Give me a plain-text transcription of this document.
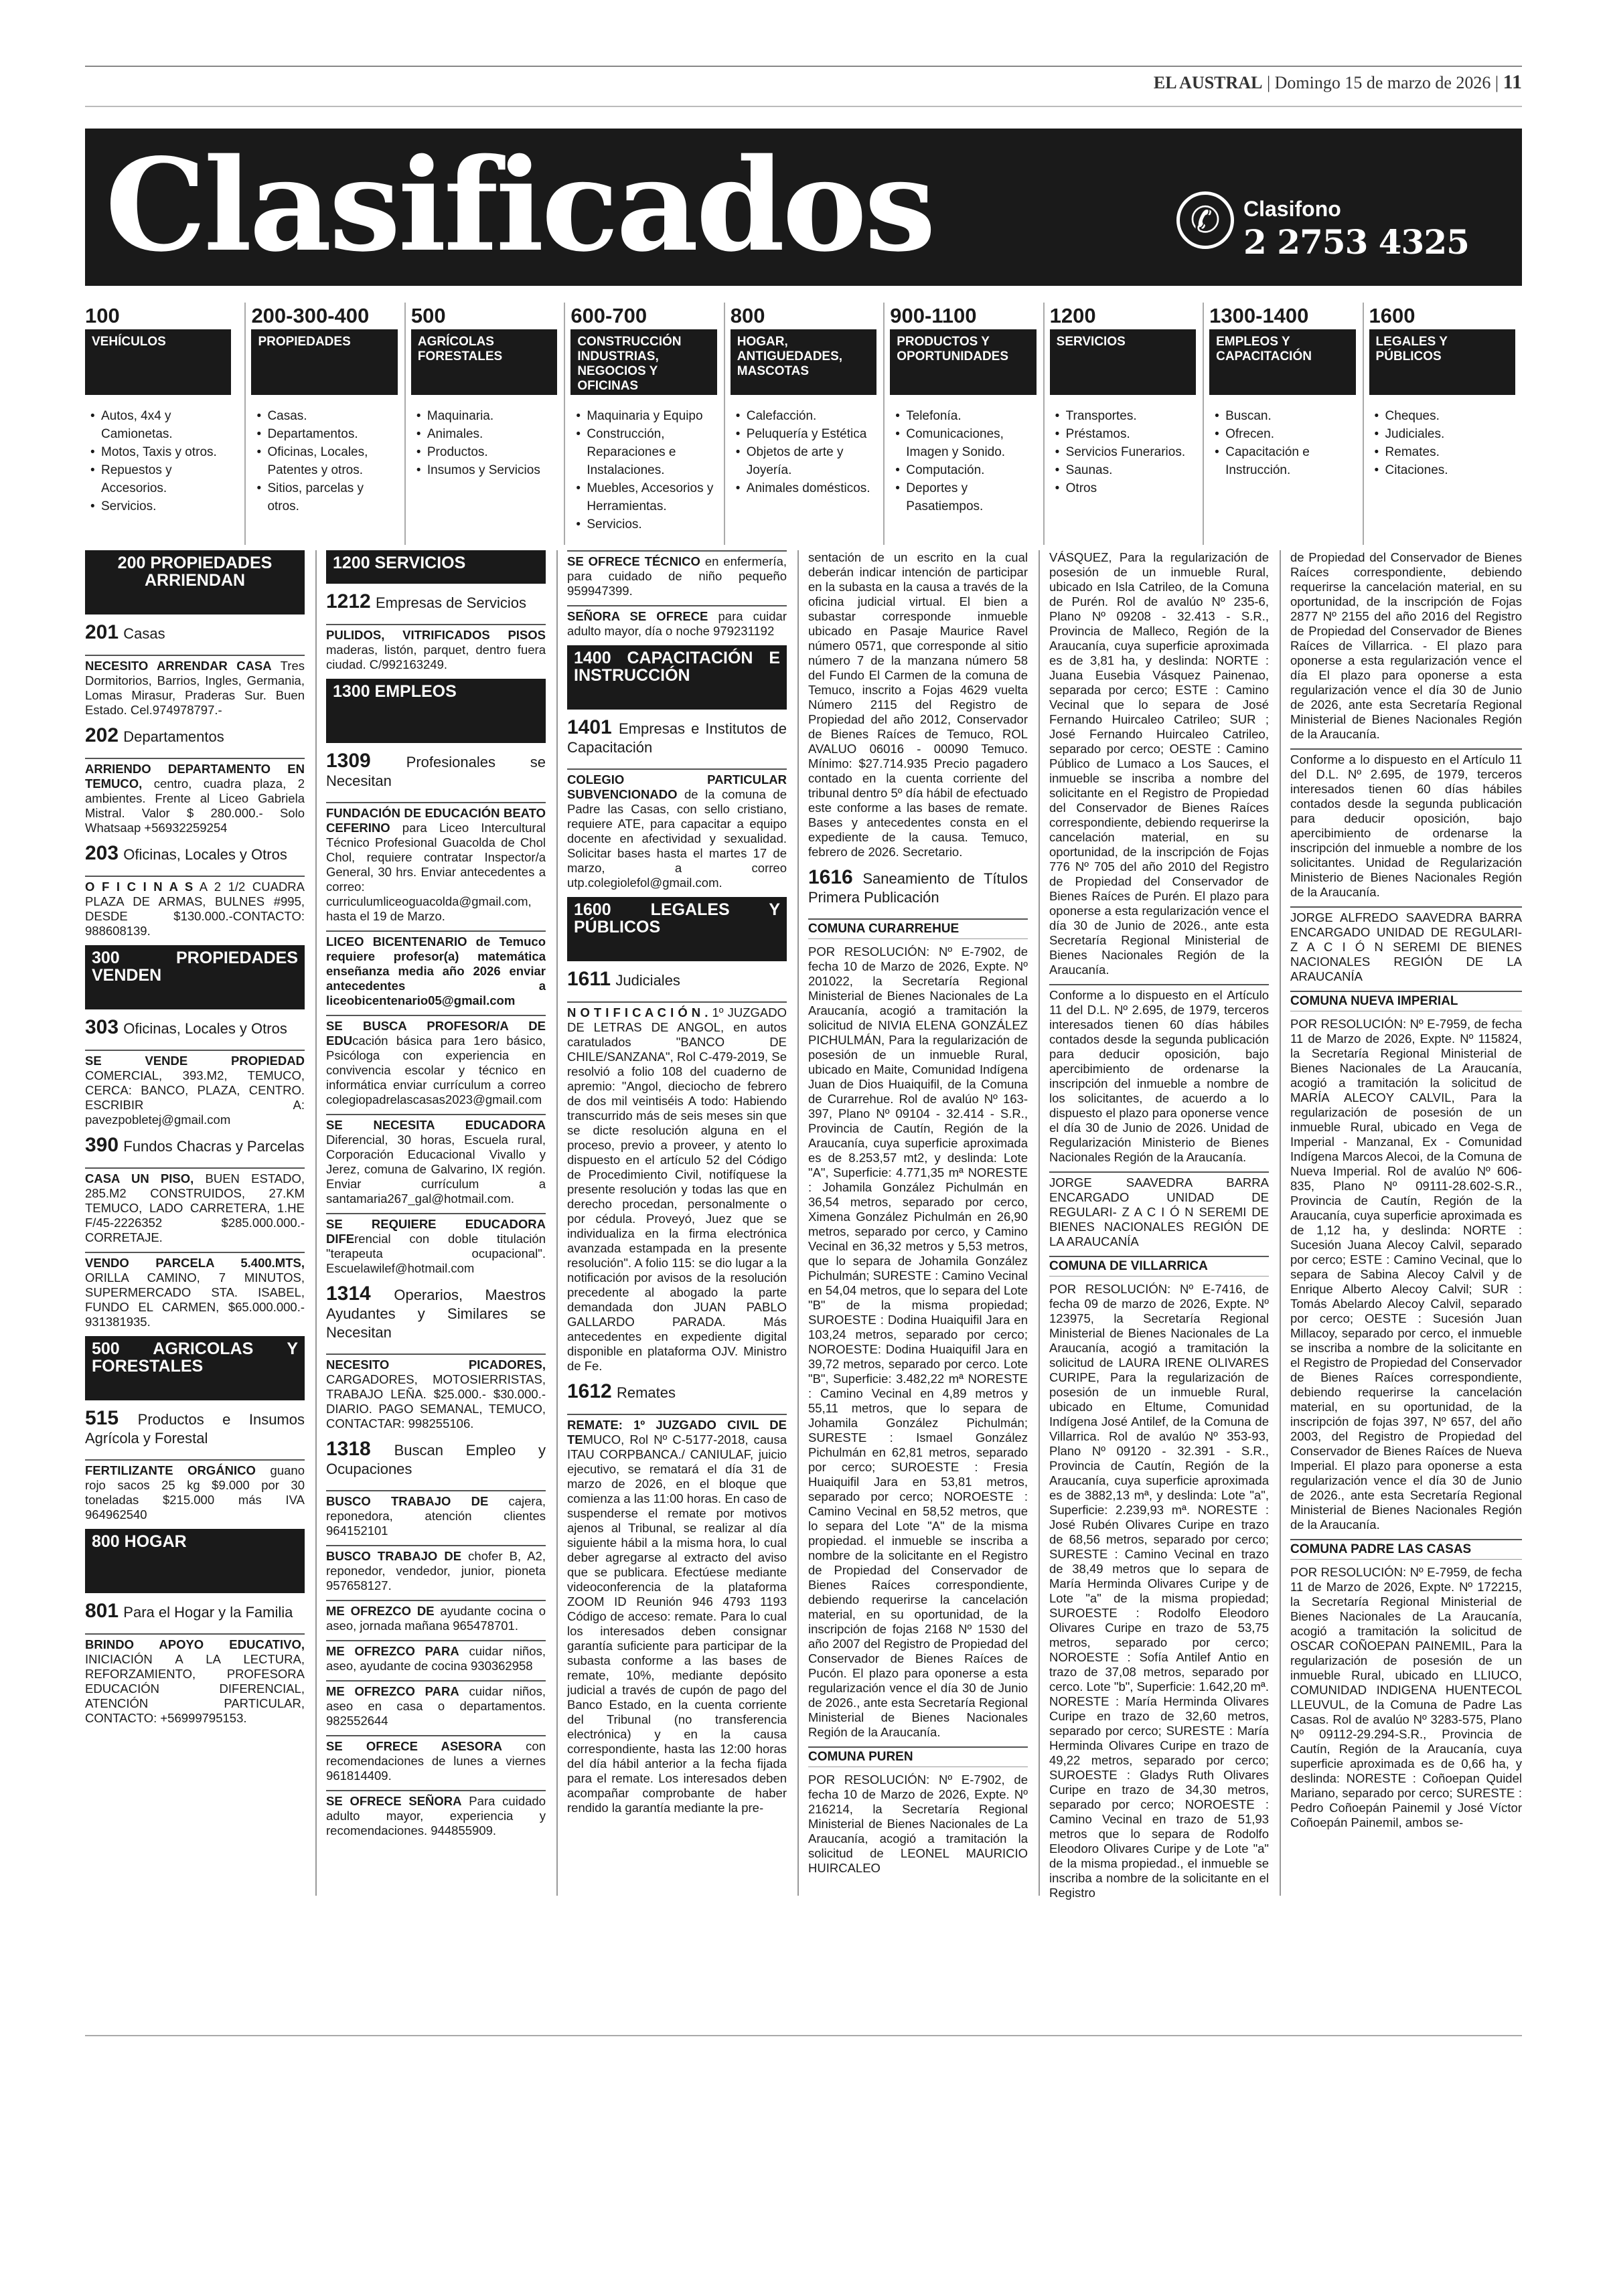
EL AUSTRAL | Domingo 15 de marzo de 2026 | 11
Clasificados	✆	Clasifono
2 2753 4325
100
VEHÍCULOS
• Autos, 4x4 y Camionetas.
• Motos, Taxis y otros.
• Repuestos y Accesorios.
• Servicios.
200-300-400
PROPIEDADES
• Casas.
• Departamentos.
• Oficinas, Locales, Patentes y otros.
• Sitios, parcelas y otros.
500
AGRÍCOLAS FORESTALES
• Maquinaria.
• Animales.
• Productos.
• Insumos y Servicios
600-700
CONSTRUCCIÓN INDUSTRIAS, NEGOCIOS Y OFICINAS
• Maquinaria y Equipo
• Construcción, Reparaciones e Instalaciones.
• Muebles, Accesorios y Herramientas.
• Servicios.
800
HOGAR, ANTIGUEDADES, MASCOTAS
• Calefacción.
• Peluquería y Estética
• Objetos de arte y Joyería.
• Animales domésticos.
900-1100
PRODUCTOS Y OPORTUNIDADES
• Telefonía.
• Comunicaciones, Imagen y Sonido.
• Computación.
• Deportes y Pasatiempos.
1200
SERVICIOS
• Transportes.
• Préstamos.
• Servicios Funerarios.
• Saunas.
• Otros
1300-1400
EMPLEOS Y CAPACITACIÓN
• Buscan.
• Ofrecen.
• Capacitación e Instrucción.
1600
LEGALES Y PÚBLICOS
• Cheques.
• Judiciales.
• Remates.
• Citaciones.
200 PROPIEDADES ARRIENDAN
201 Casas

NECESITO ARRENDAR CASA Tres Dormitorios, Barrios, Ingles, Germania, Lomas Mirasur, Praderas Sur. Buen Estado. Cel.974978797.-

202 Departamentos

ARRIENDO DEPARTAMENTO EN TEMUCO, centro, cuadra plaza, 2 ambientes. Frente al Liceo Gabriela Mistral. Valor $ 280.000.- Solo Whatsaap +56932259254

203 Oficinas, Locales y Otros

O F I C I N A S A 2 1/2 CUADRA PLAZA DE ARMAS, BULNES #995, DESDE $130.000.-CONTACTO: 988608139.

300 PROPIEDADES VENDEN
303 Oficinas, Locales y Otros

SE VENDE PROPIEDAD COMERCIAL, 393.M2, TEMUCO, CERCA: BANCO, PLAZA, CENTRO. ESCRIBIR A: pavezpobletej@gmail.com

390 Fundos Chacras y Parcelas

CASA UN PISO, BUEN ESTADO, 285.M2 CONSTRUIDOS, 27.KM TEMUCO, LADO CARRETERA, 1.HE F/45-2226352 $285.000.000.- CORRETAJE.

VENDO PARCELA 5.400.MTS, ORILLA CAMINO, 7 MINUTOS, SUPERMERCADO STA. ISABEL, FUNDO EL CARMEN, $65.000.000.- 931381935.

500 AGRICOLAS Y FORESTALES
515 Productos e Insumos Agrícola y Forestal

FERTILIZANTE ORGÁNICO guano rojo sacos 25 kg $9.000 por 30 toneladas $215.000 más IVA 964962540

800 HOGAR
801 Para el Hogar y la Familia

BRINDO APOYO EDUCATIVO, INICIACIÓN A LA LECTURA, REFORZAMIENTO, PROFESORA EDUCACIÓN DIFERENCIAL, ATENCIÓN PARTICULAR, CONTACTO: +56999795153.

1200 SERVICIOS
1212 Empresas de Servicios

PULIDOS, VITRIFICADOS PISOS maderas, listón, parquet, dentro fuera ciudad. C/992163249.

1300 EMPLEOS
1309 Profesionales se Necesitan

FUNDACIÓN DE EDUCACIÓN BEATO CEFERINO para Liceo Intercultural Técnico Profesional Guacolda de Chol Chol, requiere contratar Inspector/a General, 30 hrs. Enviar antecedentes a correo: curriculumliceoguacolda@gmail.com, hasta el 19 de Marzo.

LICEO BICENTENARIO de Temuco requiere profesor(a) matemática enseñanza media año 2026 enviar antecedentes a liceobicentenario05@gmail.com

SE BUSCA PROFESOR/A DE EDUcación básica para 1ero básico, Psicóloga con experiencia en convivencia escolar y técnico en informática enviar currículum a correo colegiopadrelascasas2023@gmail.com

SE NECESITA EDUCADORA Diferencial, 30 horas, Escuela rural, Corporación Educacional Vivallo y Jerez, comuna de Galvarino, IX región. Enviar currículum a santamaria267_gal@hotmail.com.

SE REQUIERE EDUCADORA DIFErencial con doble titulación "terapeuta ocupacional". Escuelawilef@hotmail.com

1314 Operarios, Maestros Ayudantes y Similares se Necesitan

NECESITO PICADORES, CARGADORES, MOTOSIERRISTAS, TRABAJO LEÑA. $25.000.- $30.000.- DIARIO. PAGO SEMANAL, TEMUCO, CONTACTAR: 998255106.

1318 Buscan Empleo y Ocupaciones

BUSCO TRABAJO DE cajera, reponedora, atención clientes 964152101

BUSCO TRABAJO DE chofer B, A2, reponedor, vendedor, junior, pioneta 957658127.

ME OFREZCO DE ayudante cocina o aseo, jornada mañana 965478701.

ME OFREZCO PARA cuidar niños, aseo, ayudante de cocina 930362958

ME OFREZCO PARA cuidar niños, aseo en casa o departamentos. 982552644

SE OFRECE ASESORA con recomendaciones de lunes a viernes 961814409.

SE OFRECE SEÑORA Para cuidado adulto mayor, experiencia y recomendaciones. 944855909.

SE OFRECE TÉCNICO en enfermería, para cuidado de niño pequeño 959947399.

SEÑORA SE OFRECE para cuidar adulto mayor, día o noche 979231192

1400 CAPACITACIÓN E INSTRUCCIÓN
1401 Empresas e Institutos de Capacitación

COLEGIO PARTICULAR SUBVENCIONADO de la comuna de Padre las Casas, con sello cristiano, requiere ATE, para capacitar a equipo docente en afectividad y sexualidad. Solicitar bases hasta el martes 17 de marzo, a correo utp.colegiolefol@gmail.com.

1600 LEGALES Y PÚBLICOS
1611 Judiciales

N O T I F I C A C I Ó N . 1º JUZGADO DE LETRAS DE ANGOL, en autos caratulados "BANCO DE CHILE/SANZANA", Rol C-479-2019, Se resolvió a folio 108 del cuaderno de apremio: "Angol, dieciocho de febrero de dos mil veintiséis A todo: Habiendo transcurrido más de seis meses sin que se dicte resolución alguna en el proceso, previo a proveer, y atento lo dispuesto en el artículo 52 del Código de Procedimiento Civil, notifíquese la presente resolución y todas las que en derecho procedan, personalmente o por cédula. Proveyó, Juez que se individualiza en la firma electrónica avanzada estampada en la presente resolución". A folio 115: se dio lugar a la notificación por avisos de la resolución precedente al abogado la parte demandada don JUAN PABLO GALLARDO PARADA. Más antecedentes en expediente digital disponible en plataforma OJV. Ministro de Fe.

1612 Remates

REMATE: 1º JUZGADO CIVIL DE TEMUCO, Rol Nº C-5177-2018, causa ITAU CORPBANCA./ CANIULAF, juicio ejecutivo, se rematará el día 31 de marzo de 2026, en el bloque que comienza a las 11:00 horas. En caso de suspenderse el remate por motivos ajenos al Tribunal, se realizar al día siguiente hábil a la misma hora, lo cual deber agregarse al extracto del aviso que se publicara. Efectúese mediante videoconferencia de la plataforma ZOOM ID Reunión 946 4793 1193 Código de acceso: remate. Para lo cual los interesados deben consignar garantía suficiente para participar de la subasta conforme a las bases de remate, 10%, mediante depósito judicial a través de cupón de pago del Banco Estado, en la cuenta corriente del Tribunal (no transferencia electrónica) y en la causa correspondiente, hasta las 12:00 horas del día hábil anterior a la fecha fijada para el remate. Los interesados deben acompañar comprobante de haber rendido la garantía mediante la pre-

sentación de un escrito en la cual deberán indicar intención de participar en la subasta en la causa a través de la oficina judicial virtual. El bien a subastar corresponde inmueble ubicado en Pasaje Maurice Ravel número 0571, que corresponde al sitio número 7 de la manzana número 58 del Fundo El Carmen de la comuna de Temuco, inscrito a Fojas 4629 vuelta Número 2115 del Registro de Propiedad del año 2012, Conservador de Bienes Raíces de Temuco, ROL AVALUO 06016 - 00090 Temuco. Mínimo: $27.714.935 Precio pagadero contado en la cuenta corriente del tribunal dentro 5º día hábil de efectuado este conforme a las bases de remate. Bases y antecedentes consta en el expediente de la causa. Temuco, febrero de 2026. Secretario.

1616 Saneamiento de Títulos Primera Publicación
COMUNA CURARREHUE

POR RESOLUCIÓN: Nº E-7902, de fecha 10 de Marzo de 2026, Expte. Nº 201022, la Secretaría Regional Ministerial de Bienes Nacionales de La Araucanía, acogió a tramitación la solicitud de NIVIA ELENA GONZÁLEZ PICHULMÁN, Para la regularización de posesión de un inmueble Rural, ubicado en Maite, Comunidad Indígena Juan de Dios Huaiquifil, de la Comuna de Curarrehue. Rol de avalúo Nº 163-397, Plano Nº 09104 - 32.414 - S.R., Provincia de Cautín, Región de la Araucanía, cuya superficie aproximada es de 8.253,57 mt2, y deslinda: Lote "A", Superficie: 4.771,35 mª NORESTE : Johamila González Pichulmán en 36,54 metros, separado por cerco, Ximena González Pichulmán en 26,90 metros, separado por cerco, y Camino Vecinal en 36,32 metros y 5,53 metros, que lo separa de Johamila González Pichulmán; SURESTE : Camino Vecinal en 54,04 metros, que lo separa del Lote "B" de la misma propiedad; SUROESTE : Dodina Huaiquifil Jara en 103,24 metros, separado por cerco; NOROESTE: Dodina Huaiquifil Jara en 39,72 metros, separado por cerco. Lote "B", Superficie: 3.482,22 mª NORESTE : Camino Vecinal en 4,89 metros y 55,11 metros, que lo separa de Johamila González Pichulmán; SURESTE : Ismael González Pichulmán en 62,81 metros, separado por cerco; SUROESTE : Fresia Huaiquifil Jara en 53,81 metros, separado por cerco; NOROESTE : Camino Vecinal en 58,52 metros, que lo separa del Lote "A" de la misma propiedad. el inmueble se inscriba a nombre de la solicitante en el Registro de Propiedad del Conservador de Bienes Raíces correspondiente, debiendo requerirse la cancelación material, en su oportunidad, de la inscripción de fojas 2168 Nº 1530 del año 2007 del Registro de Propiedad del Conservador de Bienes Raíces de Pucón. El plazo para oponerse a esta regularización vence el día 30 de Junio de 2026., ante esta Secretaría Regional Ministerial de Bienes Nacionales Región de la Araucanía.

COMUNA PUREN

POR RESOLUCIÓN: Nº E-7902, de fecha 10 de Marzo de 2026, Expte. Nº 216214, la Secretaría Regional Ministerial de Bienes Nacionales de La Araucanía, acogió a tramitación la solicitud de LEONEL MAURICIO HUIRCALEO

VÁSQUEZ, Para la regularización de posesión de un inmueble Rural, ubicado en Isla Catrileo, de la Comuna de Purén. Rol de avalúo Nº 235-6, Plano Nº 09208 - 32.413 - S.R., Provincia de Malleco, Región de la Araucanía, cuya superficie aproximada es de 3,81 ha, y deslinda: NORTE : Juana Eusebia Vásquez Painenao, separada por cerco; ESTE : Camino Vecinal que lo separa de José Fernando Huircaleo Catrileo; SUR ; José Fernando Huircaleo Catrileo, separado por cerco; OESTE : Camino Público de Lumaco a Los Sauces, el inmueble se inscriba a nombre del solicitante en el Registro de Propiedad del Conservador de Bienes Raíces correspondiente, debiendo requerirse la cancelación material, en su oportunidad, de la inscripción de Fojas 776 Nº 705 del año 2010 del Registro de Propiedad del Conservador de Bienes Raíces de Purén. El plazo para oponerse a esta regularización vence el día 30 de Junio de 2026., ante esta Secretaría Regional Ministerial de Bienes Nacionales Región de la Araucanía.

Conforme a lo dispuesto en el Artículo 11 del D.L. Nº 2.695, de 1979, terceros interesados tienen 60 días hábiles contados desde la segunda publicación para deducir oposición, bajo apercibimiento de ordenarse la inscripción del inmueble a nombre de los solicitantes, de acuerdo a lo dispuesto el plazo para oponerse vence el día 30 de Junio de 2026. Unidad de Regularización Ministerio de Bienes Nacionales Región de la Araucanía.

JORGE SAAVEDRA BARRA ENCARGADO UNIDAD DE REGULARI- Z A C I Ó N SEREMI DE BIENES NACIONALES REGIÓN DE LA ARAUCANÍA

COMUNA DE VILLARRICA

POR RESOLUCIÓN: Nº E-7416, de fecha 09 de marzo de 2026, Expte. Nº 123975, la Secretaría Regional Ministerial de Bienes Nacionales de La Araucanía, acogió a tramitación la solicitud de LAURA IRENE OLIVARES CURIPE, Para la regularización de posesión de un inmueble Rural, ubicado en Eltume, Comunidad Indígena José Antilef, de la Comuna de Villarrica. Rol de avalúo Nº 353-93, Plano Nº 09120 - 32.391 - S.R., Provincia de Cautín, Región de la Araucanía, cuya superficie aproximada es de 3882,13 mª, y deslinda: Lote "a", Superficie: 2.239,93 mª. NORESTE : José Rubén Olivares Curipe en trazo de 68,56 metros, separado por cerco; SURESTE : Camino Vecinal en trazo de 38,49 metros que lo separa de María Herminda Olivares Curipe y de Lote "a" de la misma propiedad; SUROESTE : Rodolfo Eleodoro Olivares Curipe en trazo de 53,75 metros, separado por cerco; NOROESTE : Sofía Antilef Antio en trazo de 37,08 metros, separado por cerco. Lote "b", Superficie: 1.642,20 mª. NORESTE : María Herminda Olivares Curipe en trazo de 32,60 metros, separado por cerco; SURESTE : María Herminda Olivares Curipe en trazo de 49,22 metros, separado por cerco; SUROESTE : Gladys Ruth Olivares Curipe en trazo de 34,30 metros, separado por cerco; NOROESTE : Camino Vecinal en trazo de 51,93 metros que lo separa de Rodolfo Eleodoro Olivares Curipe y de Lote "a" de la misma propiedad., el inmueble se inscriba a nombre de la solicitante en el Registro

de Propiedad del Conservador de Bienes Raíces correspondiente, debiendo requerirse la cancelación material, en su oportunidad, de la inscripción de Fojas 2877 Nº 2155 del año 2016 del Registro de Propiedad del Conservador de Bienes Raíces de Villarrica. - El plazo para oponerse a esta regularización vence el día El plazo para oponerse a esta regularización vence el día 30 de Junio de 2026, ante esta Secretaría Regional Ministerial de Bienes Nacionales Región de la Araucanía.

Conforme a lo dispuesto en el Artículo 11 del D.L. Nº 2.695, de 1979, terceros interesados tienen 60 días hábiles contados desde la segunda publicación para deducir oposición, bajo apercibimiento de ordenarse la inscripción del inmueble a nombre de los solicitantes. Unidad de Regularización Ministerio de Bienes Nacionales Región de la Araucanía.

JORGE ALFREDO SAAVEDRA BARRA ENCARGADO UNIDAD DE REGULARI- Z A C I Ó N SEREMI DE BIENES NACIONALES REGIÓN DE LA ARAUCANÍA

COMUNA NUEVA IMPERIAL

POR RESOLUCIÓN: Nº E-7959, de fecha 11 de Marzo de 2026, Expte. Nº 115824, la Secretaría Regional Ministerial de Bienes Nacionales de La Araucanía, acogió a tramitación la solicitud de MARÍA ALECOY CALVIL, Para la regularización de posesión de un inmueble Rural, ubicado en Vega de Imperial - Manzanal, Ex - Comunidad Indígena Marcos Alecoi, de la Comuna de Nueva Imperial. Rol de avalúo Nº 606-835, Plano Nº 09111-28.602-S.R., Provincia de Cautín, Región de la Araucanía, cuya superficie aproximada es de 1,12 ha, y deslinda: NORTE : Sucesión Juana Alecoy Calvil, separado por cerco; ESTE : Camino Vecinal, que lo separa de Sabina Alecoy Calvil y de Enrique Alberto Alecoy Calvil; SUR : Tomás Abelardo Alecoy Calvil, separado por cerco; OESTE : Sucesión Juan Millacoy, separado por cerco, el inmueble se inscriba a nombre de la solicitante en el Registro de Propiedad del Conservador de Bienes Raíces correspondiente, debiendo requerirse la cancelación material, en su oportunidad, de la inscripción de fojas 397, Nº 657, del año 2003, del Registro de Propiedad del Conservador de Bienes Raíces de Nueva Imperial. El plazo para oponerse a esta regularización vence el día 30 de Junio de 2026., ante esta Secretaría Regional Ministerial de Bienes Nacionales Región de la Araucanía.

COMUNA PADRE LAS CASAS

POR RESOLUCIÓN: Nº E-7959, de fecha 11 de Marzo de 2026, Expte. Nº 172215, la Secretaría Regional Ministerial de Bienes Nacionales de La Araucanía, acogió a tramitación la solicitud de OSCAR COÑOEPAN PAINEMIL, Para la regularización de posesión de un inmueble Rural, ubicado en LLIUCO, COMUNIDAD INDIGENA HUENTECOL LLEUVUL, de la Comuna de Padre Las Casas. Rol de avalúo Nº 3283-575, Plano Nº 09112-29.294-S.R., Provincia de Cautín, Región de la Araucanía, cuya superficie aproximada es de 0,66 ha, y deslinda: NORESTE : Coñoepan Quidel Mariano, separado por cerco; SURESTE : Pedro Coñoepán Painemil y José Víctor Coñoepán Painemil, ambos se-
